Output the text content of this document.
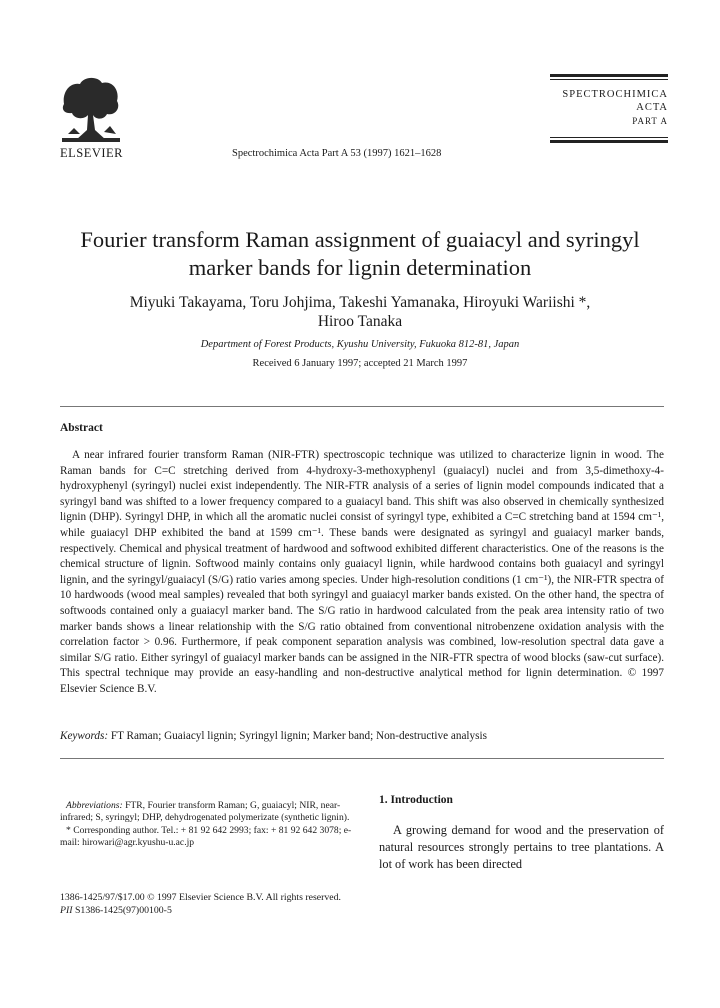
ELSEVIER	Spectrochimica Acta Part A 53 (1997) 1621–1628
SPECTROCHIMICA
ACTA
PART A
Fourier transform Raman assignment of guaiacyl and syringyl
marker bands for lignin determination
Miyuki Takayama, Toru Johjima, Takeshi Yamanaka, Hiroyuki Wariishi *,
Hiroo Tanaka
Department of Forest Products, Kyushu University, Fukuoka 812-81, Japan
Received 6 January 1997; accepted 21 March 1997
Abstract
A near infrared fourier transform Raman (NIR-FTR) spectroscopic technique was utilized to characterize lignin in wood. The Raman bands for C=C stretching derived from 4-hydroxy-3-methoxyphenyl (guaiacyl) nuclei and from 3,5-dimethoxy-4-hydroxyphenyl (syringyl) nuclei exist independently. The NIR-FTR analysis of a series of lignin model compounds indicated that a syringyl band was shifted to a lower frequency compared to a guaiacyl band. This shift was also observed in chemically synthesized lignin (DHP). Syringyl DHP, in which all the aromatic nuclei consist of syringyl type, exhibited a C=C stretching band at 1594 cm⁻¹, while guaiacyl DHP exhibited the band at 1599 cm⁻¹. These bands were designated as syringyl and guaiacyl marker bands, respectively. Chemical and physical treatment of hardwood and softwood exhibited different characteristics. One of the reasons is the chemical structure of lignin. Softwood mainly contains only guaiacyl lignin, while hardwood contains both guaiacyl and syringyl lignin, and the syringyl/guaiacyl (S/G) ratio varies among species. Under high-resolution conditions (1 cm⁻¹), the NIR-FTR spectra of 10 hardwoods (wood meal samples) revealed that both syringyl and guaiacyl marker bands existed. On the other hand, the spectra of softwoods contained only a guaiacyl marker band. The S/G ratio in hardwood calculated from the peak area intensity ratio of two marker bands shows a linear relationship with the S/G ratio obtained from conventional nitrobenzene oxidation analysis with the correlation factor > 0.96. Furthermore, if peak component separation analysis was combined, low-resolution spectral data gave a similar S/G ratio. Either syringyl of guaiacyl marker bands can be assigned in the NIR-FTR spectra of wood blocks (saw-cut surface). This spectral technique may provide an easy-handling and non-destructive analytical method for lignin determination. © 1997 Elsevier Science B.V.
Keywords: FT Raman; Guaiacyl lignin; Syringyl lignin; Marker band; Non-destructive analysis

Abbreviations: FTR, Fourier transform Raman; G, guaiacyl; NIR, near-infrared; S, syringyl; DHP, dehydrogenated polymerizate (synthetic lignin).

* Corresponding author. Tel.: + 81 92 642 2993; fax: + 81 92 642 3078; e-mail: hirowari@agr.kyushu-u.ac.jp

1. Introduction
A growing demand for wood and the preservation of natural resources strongly pertains to tree plantations. A lot of work has been directed
1386-1425/97/$17.00 © 1997 Elsevier Science B.V. All rights reserved.
PII S1386-1425(97)00100-5
